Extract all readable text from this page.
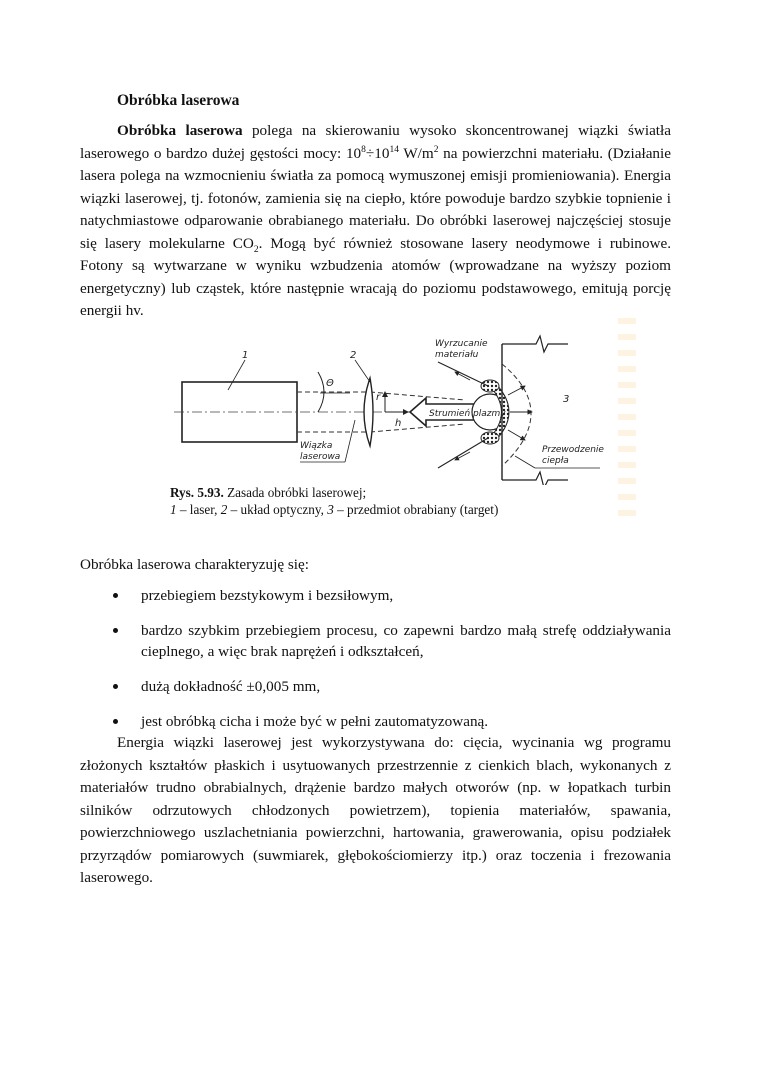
Obróbka laserowa
Obróbka laserowa polega na skierowaniu wysoko skoncentrowanej wiązki światła laserowego o bardzo dużej gęstości mocy: $10^8\div 10^{14}$ $W/m^2$ na powierzchni materiału. (Działanie lasera polega na wzmocnieniu światła za pomocą wymuszonej emisji promieniowania). Energia wiązki laserowej, tj. fotonów, zamienia się na ciepło, które powoduje bardzo szybkie topnienie i natychmiastowe odparowanie obrabianego materiału. Do obróbki laserowej najczęściej stosuje się lasery molekularne $CO_2$. Mogą być również stosowane lasery neodymowe i rubinowe. Fotony są wytwarzane w wyniku wzbudzenia atomów (wprowadzane na wyższy poziom energetyczny) lub cząstek, które następnie wracają do poziomu podstawowego, emitują porcję energii hv.
1	2
3
Θ
r
h
Strumień plazmy
Wyrzucanie
materiału
Wiązka
laserowa
Przewodzenie
ciepła
Rys. 5.93. Zasada obróbki laserowej;
1 – laser, 2 – układ optyczny, 3 – przedmiot obrabiany (target)
Obróbka laserowa charakteryzuję się:
przebiegiem bezstykowym i bezsiłowym,
bardzo szybkim przebiegiem procesu, co zapewni bardzo małą strefę oddziaływania cieplnego, a więc brak naprężeń i odkształceń,
dużą dokładność ±0,005 mm,
jest obróbką cicha i może być w pełni zautomatyzowaną.
Energia wiązki laserowej jest wykorzystywana do: cięcia, wycinania wg programu złożonych kształtów płaskich i usytuowanych przestrzennie z cienkich blach, wykonanych z materiałów trudno obrabialnych, drążenie bardzo małych otworów (np. w łopatkach turbin silników odrzutowych chłodzonych powietrzem), topienia materiałów, spawania, powierzchniowego uszlachetniania powierzchni, hartowania, grawerowania, opisu podziałek przyrządów pomiarowych (suwmiarek, głębokościomierzy itp.) oraz toczenia i frezowania laserowego.
